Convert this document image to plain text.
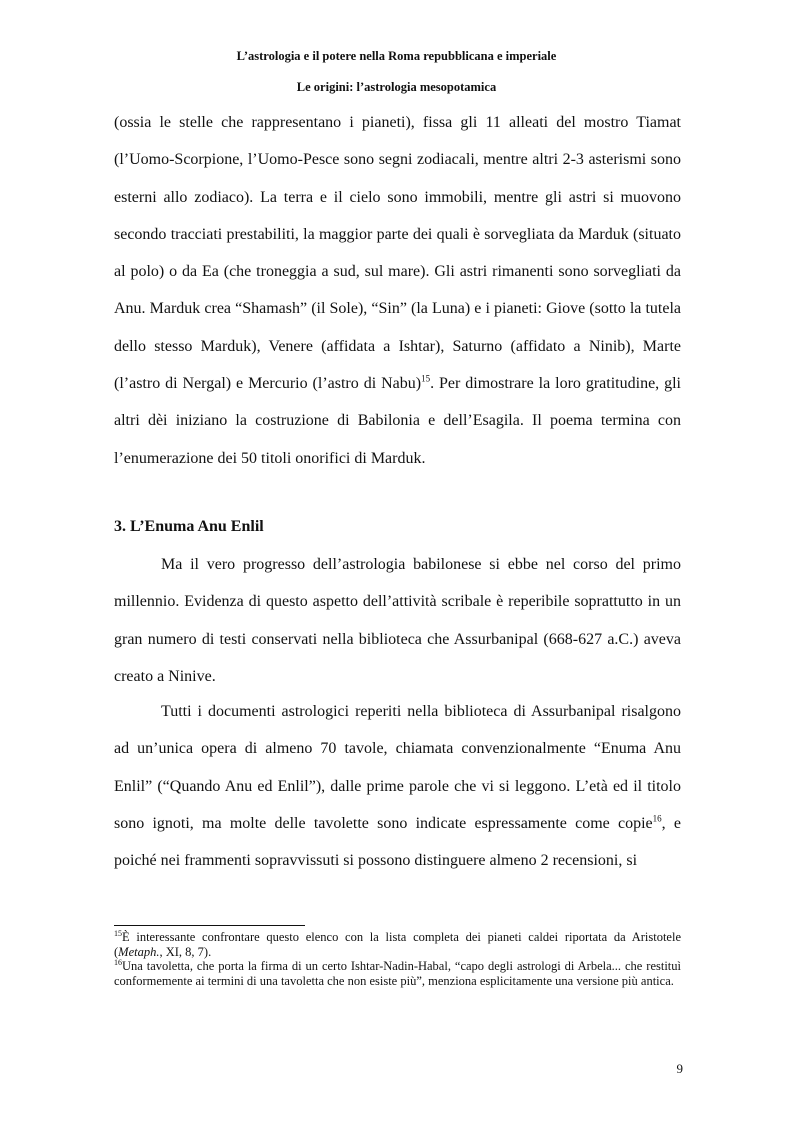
L’astrologia e il potere nella Roma repubblicana e imperiale
Le origini: l’astrologia mesopotamica

(ossia le stelle che rappresentano i pianeti), fissa gli 11 alleati del mostro Tiamat (l’Uomo-Scorpione, l’Uomo-Pesce sono segni zodiacali, mentre altri 2-3 asterismi sono esterni allo zodiaco). La terra e il cielo sono immobili, mentre gli astri si muovono secondo tracciati prestabiliti, la maggior parte dei quali è sorvegliata da Marduk (situato al polo) o da Ea (che troneggia a sud, sul mare). Gli astri rimanenti sono sorvegliati da Anu. Marduk crea “Shamash” (il Sole), “Sin” (la Luna) e i pianeti: Giove (sotto la tutela dello stesso Marduk), Venere (affidata a Ishtar), Saturno (affidato a Ninib), Marte (l’astro di Nergal) e Mercurio (l’astro di Nabu)$^{15}$. Per dimostrare la loro gratitudine, gli altri dèi iniziano la costruzione di Babilonia e dell’Esagila. Il poema termina con l’enumerazione dei 50 titoli onorifici di Marduk.

3. L’Enuma Anu Enlil

Ma il vero progresso dell’astrologia babilonese si ebbe nel corso del primo millennio. Evidenza di questo aspetto dell’attività scribale è reperibile soprattutto in un gran numero di testi conservati nella biblioteca che Assurbanipal (668-627 a.C.) aveva creato a Ninive.

Tutti i documenti astrologici reperiti nella biblioteca di Assurbanipal risalgono ad un’unica opera di almeno 70 tavole, chiamata convenzionalmente “Enuma Anu Enlil” (“Quando Anu ed Enlil”), dalle prime parole che vi si leggono. L’età ed il titolo sono ignoti, ma molte delle tavolette sono indicate espressamente come copie$^{16}$, e poiché nei frammenti sopravvissuti si possono distinguere almeno 2 recensioni, si

$^{15}$È interessante confrontare questo elenco con la lista completa dei pianeti caldei riportata da Aristotele (Metaph., XI, 8, 7).

$^{16}$Una tavoletta, che porta la firma di un certo Ishtar-Nadin-Habal, “capo degli astrologi di Arbela... che restituì conformemente ai termini di una tavoletta che non esiste più”, menziona esplicitamente una versione più antica.

9
